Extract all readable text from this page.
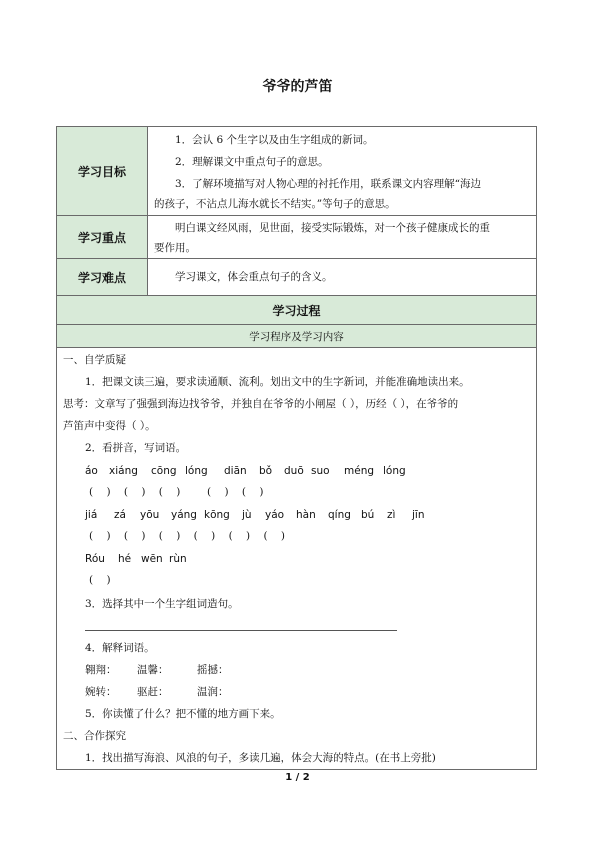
爷爷的芦笛
学习目标
学习重点
学习难点
1．会认 6 个生字以及由生字组成的新词。
2．理解课文中重点句子的意思。
3．了解环境描写对人物心理的衬托作用，联系课文内容理解“海边
的孩子，不沾点儿海水就长不结实。”等句子的意思。
明白课文经风雨，见世面，接受实际锻炼，对一个孩子健康成长的重
要作用。
学习课文，体会重点句子的含义。
学习过程
学习程序及学习内容
一、自学质疑
1．把课文读三遍，要求读通顺、流利。划出文中的生字新词，并能准确地读出来。
思考：文章写了强强到海边找爷爷，并独自在爷爷的小闸屋（ ），历经（ ），在爷爷的
芦笛声中变得（ ）。
2．看拼音，写词语。
áo xiáng cōng lóng diān bǒ duō suo méng lóng
(    )    (    )    (    )        (    )    (    )
jiá zá yōu yáng kōng jù yáo hàn qíng bú zì jīn
(    )    (    )    (    )    (    )    (    )    (    )
Róu hé wēn rùn
(    )
3．选择其中一个生字组词造句。
4．解释词语。
翱翔： 温馨：	摇撼：
婉转： 驱赶：	温润：
5．你读懂了什么？把不懂的地方画下来。
二、合作探究
1．找出描写海浪、风浪的句子，多读几遍，体会大海的特点。(在书上旁批)
1 / 2
